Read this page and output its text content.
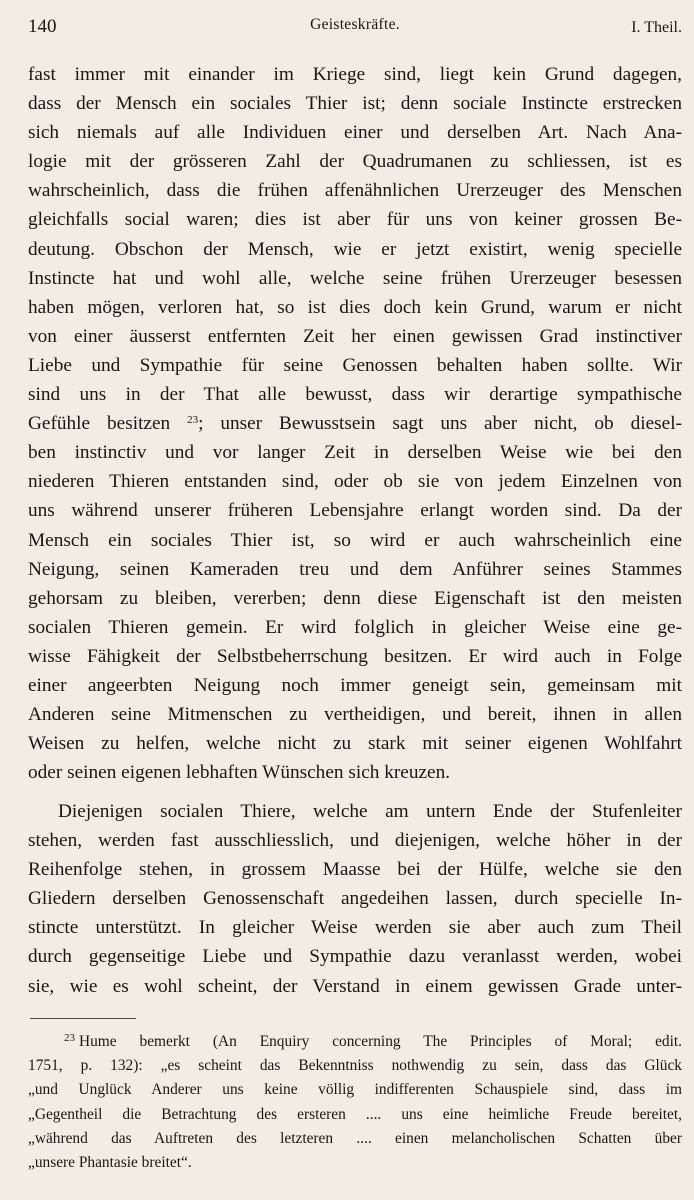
140	Geisteskräfte.	I. Theil.
fast immer mit einander im Kriege sind, liegt kein Grund dagegen,
dass der Mensch ein sociales Thier ist; denn sociale Instincte erstrecken
sich niemals auf alle Individuen einer und derselben Art. Nach Ana-
logie mit der grösseren Zahl der Quadrumanen zu schliessen, ist es
wahrscheinlich, dass die frühen affenähnlichen Urerzeuger des Menschen
gleichfalls social waren; dies ist aber für uns von keiner grossen Be-
deutung. Obschon der Mensch, wie er jetzt existirt, wenig specielle
Instincte hat und wohl alle, welche seine frühen Urerzeuger besessen
haben mögen, verloren hat, so ist dies doch kein Grund, warum er nicht
von einer äusserst entfernten Zeit her einen gewissen Grad instinctiver
Liebe und Sympathie für seine Genossen behalten haben sollte. Wir
sind uns in der That alle bewusst, dass wir derartige sympathische
Gefühle besitzen $^{23}$; unser Bewusstsein sagt uns aber nicht, ob diesel-
ben instinctiv und vor langer Zeit in derselben Weise wie bei den
niederen Thieren entstanden sind, oder ob sie von jedem Einzelnen von
uns während unserer früheren Lebensjahre erlangt worden sind. Da der
Mensch ein sociales Thier ist, so wird er auch wahrscheinlich eine
Neigung, seinen Kameraden treu und dem Anführer seines Stammes
gehorsam zu bleiben, vererben; denn diese Eigenschaft ist den meisten
socialen Thieren gemein. Er wird folglich in gleicher Weise eine ge-
wisse Fähigkeit der Selbstbeherrschung besitzen. Er wird auch in Folge
einer angeerbten Neigung noch immer geneigt sein, gemeinsam mit
Anderen seine Mitmenschen zu vertheidigen, und bereit, ihnen in allen
Weisen zu helfen, welche nicht zu stark mit seiner eigenen Wohlfahrt
oder seinen eigenen lebhaften Wünschen sich kreuzen.
Diejenigen socialen Thiere, welche am untern Ende der Stufenleiter
stehen, werden fast ausschliesslich, und diejenigen, welche höher in der
Reihenfolge stehen, in grossem Maasse bei der Hülfe, welche sie den
Gliedern derselben Genossenschaft angedeihen lassen, durch specielle In-
stincte unterstützt. In gleicher Weise werden sie aber auch zum Theil
durch gegenseitige Liebe und Sympathie dazu veranlasst werden, wobei
sie, wie es wohl scheint, der Verstand in einem gewissen Grade unter-
$^{23}$ Hume bemerkt (An Enquiry concerning The Principles of Moral; edit.
1751, p. 132): „es scheint das Bekenntniss nothwendig zu sein, dass das Glück
„und Unglück Anderer uns keine völlig indifferenten Schauspiele sind, dass im
„Gegentheil die Betrachtung des ersteren .... uns eine heimliche Freude bereitet,
„während das Auftreten des letzteren .... einen melancholischen Schatten über
„unsere Phantasie breitet“.
